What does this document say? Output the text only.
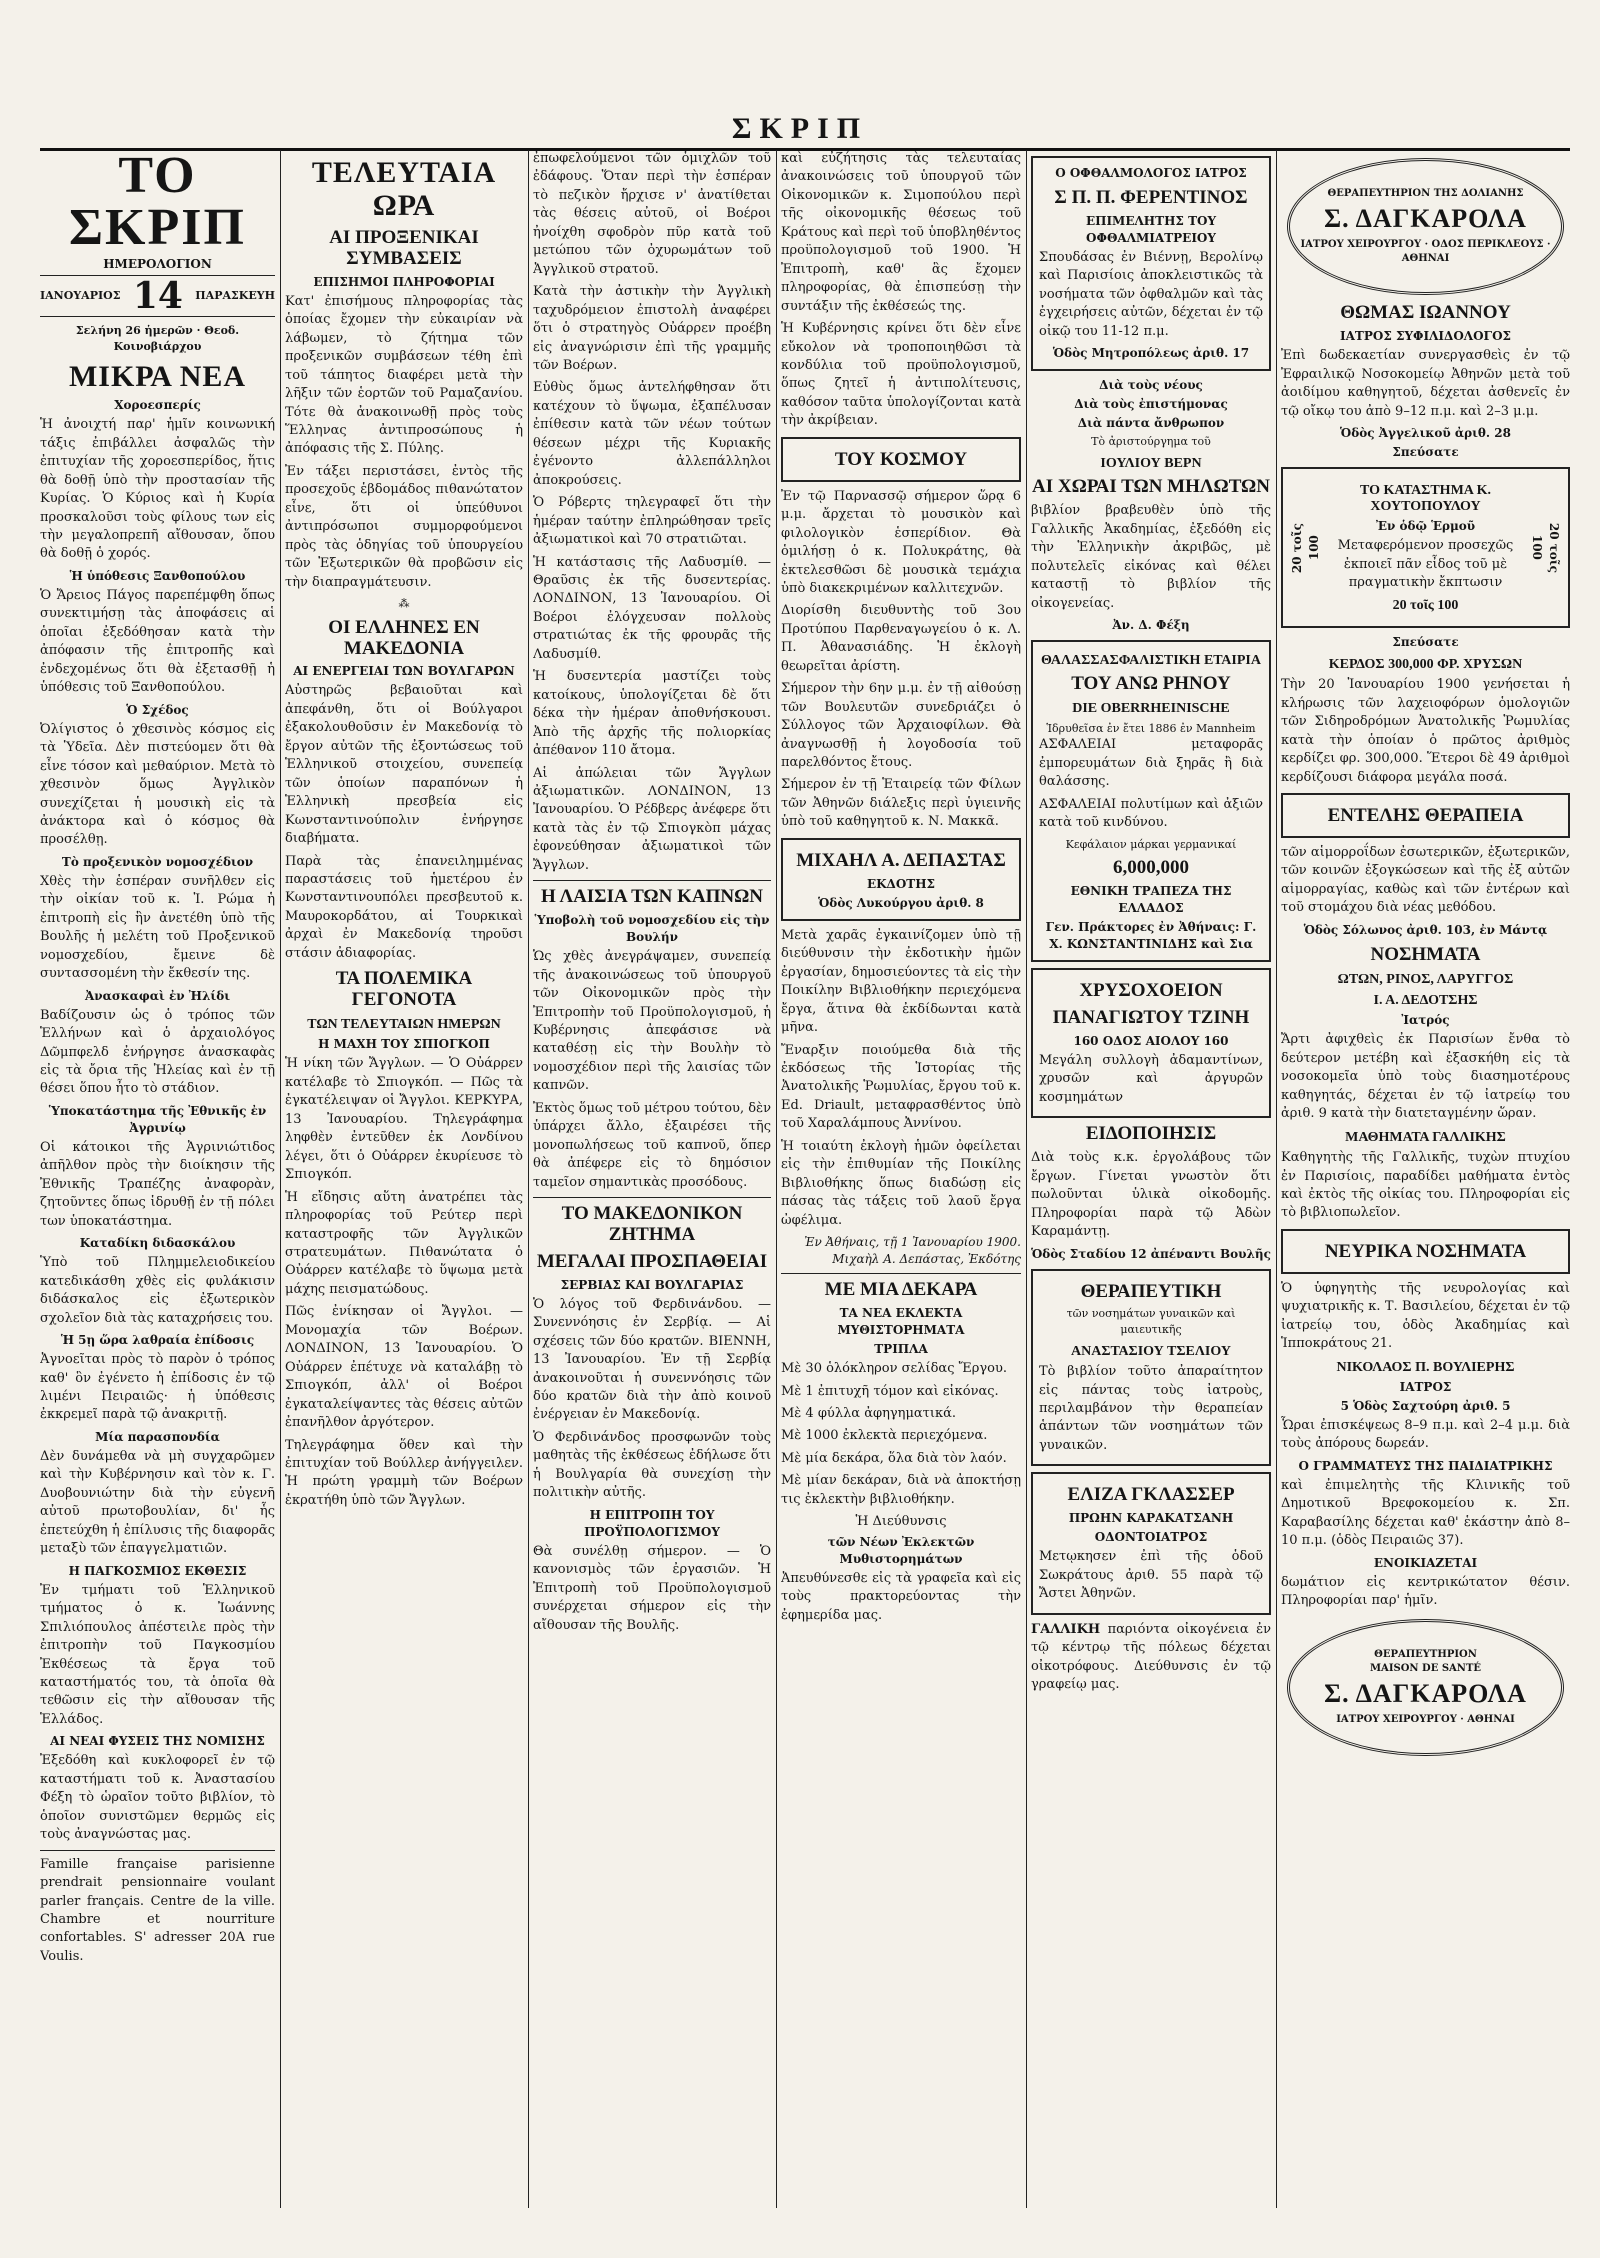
ΣΚΡΙΠ
ΤΟ ΣΚΡΙΠ
ΗΜΕΡΟΛΟΓΙΟΝ
ΙΑΝΟΥΑΡΙΟΣ 14 ΠΑΡΑΣΚΕΥΗ
Σελήνη 26 ἡμερῶν · Θεοδ. Κοινοβιάρχου
ΜΙΚΡΑ ΝΕΑ
Χοροεσπερίς

Ἡ ἀνοιχτή παρ' ἡμῖν κοινωνική τάξις ἐπιβάλλει ἀσφαλῶς τὴν ἐπιτυχίαν τῆς χοροεσπερίδος, ἥτις θὰ δοθῇ ὑπὸ τὴν προστασίαν τῆς Κυρίας. Ὁ Κύριος καὶ ἡ Κυρία προσκαλοῦσι τοὺς φίλους των εἰς τὴν μεγαλοπρεπῆ αἴθουσαν, ὅπου θὰ δοθῇ ὁ χορός.

Ἡ ὑπόθεσις Ξανθοπούλου

Ὁ Ἄρειος Πάγος παρεπέμφθη ὅπως συνεκτιμήσῃ τὰς ἀποφάσεις αἱ ὁποῖαι ἐξεδόθησαν κατὰ τὴν ἀπόφασιν τῆς ἐπιτροπῆς καὶ ἐνδεχομένως ὅτι θὰ ἐξετασθῇ ἡ ὑπόθεσις τοῦ Ξανθοπούλου.

Ὁ Σχέδος

Ὀλίγιστος ὁ χθεσινὸς κόσμος εἰς τὰ Ὑδεῖα. Δὲν πιστεύομεν ὅτι θὰ εἶνε τόσον καὶ μεθαύριον. Μετὰ τὸ χθεσινὸν ὅμως Ἀγγλικὸν συνεχίζεται ἡ μουσικὴ εἰς τὰ ἀνάκτορα καὶ ὁ κόσμος θὰ προσέλθῃ.

Τὸ προξενικὸν νομοσχέδιον

Χθὲς τὴν ἑσπέραν συνῆλθεν εἰς τὴν οἰκίαν τοῦ κ. Ἰ. Ρώμα ἡ ἐπιτροπὴ εἰς ἣν ἀνετέθη ὑπὸ τῆς Βουλῆς ἡ μελέτη τοῦ Προξενικοῦ νομοσχεδίου, ἔμεινε δὲ συντασσομένη τὴν ἔκθεσίν της.

Ἀνασκαφαὶ ἐν Ἠλίδι

Βαδίζουσιν ὡς ὁ τρόπος τῶν Ἑλλήνων καὶ ὁ ἀρχαιολόγος Δῶμπφελδ ἐνήργησε ἀνασκαφὰς εἰς τὰ ὄρια τῆς Ἠλείας καὶ ἐν τῇ θέσει ὅπου ἦτο τὸ στάδιον.

Ὑποκατάστημα τῆς Ἐθνικῆς ἐν Ἀγρινίῳ

Οἱ κάτοικοι τῆς Ἀγρινιώτιδος ἀπῆλθον πρὸς τὴν διοίκησιν τῆς Ἐθνικῆς Τραπέζης ἀναφορὰν, ζητοῦντες ὅπως ἱδρυθῇ ἐν τῇ πόλει των ὑποκατάστημα.

Καταδίκη διδασκάλου

Ὑπὸ τοῦ Πλημμελειοδικείου κατεδικάσθη χθὲς εἰς φυλάκισιν διδάσκαλος εἰς ἐξωτερικὸν σχολεῖον διὰ τὰς καταχρήσεις του.

Ἡ 5ῃ ὥρα λαθραία ἐπίδοσις

Ἀγνοεῖται πρὸς τὸ παρὸν ὁ τρόπος καθ' ὃν ἐγένετο ἡ ἐπίδοσις ἐν τῷ λιμένι Πειραιῶς· ἡ ὑπόθεσις ἐκκρεμεῖ παρὰ τῷ ἀνακριτῇ.

Μία παρασπονδία

Δὲν δυνάμεθα νὰ μὴ συγχαρῶμεν καὶ τὴν Κυβέρνησιν καὶ τὸν κ. Γ. Δυοβουνιώτην διὰ τὴν εὐγενῆ αὐτοῦ πρωτοβουλίαν, δι' ἧς ἐπετεύχθη ἡ ἐπίλυσις τῆς διαφορᾶς μεταξὺ τῶν ἐπαγγελματιῶν.

Η ΠΑΓΚΟΣΜΙΟΣ ΕΚΘΕΣΙΣ

Ἐν τμήματι τοῦ Ἑλληνικοῦ τμήματος ὁ κ. Ἰωάννης Σπιλιόπουλος ἀπέστειλε πρὸς τὴν ἐπιτροπὴν τοῦ Παγκοσμίου Ἐκθέσεως τὰ ἔργα τοῦ καταστήματός του, τὰ ὁποῖα θὰ τεθῶσιν εἰς τὴν αἴθουσαν τῆς Ἑλλάδος.

ΑΙ ΝΕΑΙ ΦΥΣΕΙΣ ΤΗΣ ΝΟΜΙΣΗΣ

Ἐξεδόθη καὶ κυκλοφορεῖ ἐν τῷ καταστήματι τοῦ κ. Ἀναστασίου Φέξη τὸ ὡραῖον τοῦτο βιβλίον, τὸ ὁποῖον συνιστῶμεν θερμῶς εἰς τοὺς ἀναγνώστας μας.

Famille française parisienne prendrait pensionnaire voulant parler français. Centre de la ville. Chambre et nourriture confortables. S' adresser 20A rue Voulis.

ΤΕΛΕΥΤΑΙΑ ΩΡΑ
ΑΙ ΠΡΟΞΕΝΙΚΑΙ ΣΥΜΒΑΣΕΙΣ
ΕΠΙΣΗΜΟΙ ΠΛΗΡΟΦΟΡΙΑΙ

Κατ' ἐπισήμους πληροφορίας τὰς ὁποίας ἔχομεν τὴν εὐκαιρίαν νὰ λάβωμεν, τὸ ζήτημα τῶν προξενικῶν συμβάσεων τέθη ἐπὶ τοῦ τάπητος διαφέρει μετὰ τὴν λῆξιν τῶν ἑορτῶν τοῦ Ραμαζανίου. Τότε θὰ ἀνακοινωθῇ πρὸς τοὺς Ἕλληνας ἀντιπροσώπους ἡ ἀπόφασις τῆς Σ. Πύλης.

Ἐν τάξει περιστάσει, ἐντὸς τῆς προσεχοῦς ἑβδομάδος πιθανώτατον εἶνε, ὅτι οἱ ὑπεύθυνοι ἀντιπρόσωποι συμμορφούμενοι πρὸς τὰς ὁδηγίας τοῦ ὑπουργείου τῶν Ἐξωτερικῶν θὰ προβῶσιν εἰς τὴν διαπραγμάτευσιν.

⁂
ΟΙ ΕΛΛΗΝΕΣ ΕΝ ΜΑΚΕΔΟΝΙΑ
ΑΙ ΕΝΕΡΓΕΙΑΙ ΤΩΝ ΒΟΥΛΓΑΡΩΝ

Αὐστηρῶς βεβαιοῦται καὶ ἀπεφάνθη, ὅτι οἱ Βούλγαροι ἐξακολουθοῦσιν ἐν Μακεδονίᾳ τὸ ἔργον αὐτῶν τῆς ἐξοντώσεως τοῦ Ἑλληνικοῦ στοιχείου, συνεπείᾳ τῶν ὁποίων παραπόνων ἡ Ἑλληνικὴ πρεσβεία εἰς Κωνσταντινούπολιν ἐνήργησε διαβήματα.

Παρὰ τὰς ἐπανειλημμένας παραστάσεις τοῦ ἡμετέρου ἐν Κωνσταντινουπόλει πρεσβευτοῦ κ. Μαυροκορδάτου, αἱ Τουρκικαὶ ἀρχαὶ ἐν Μακεδονίᾳ τηροῦσι στάσιν ἀδιαφορίας.

ΤΑ ΠΟΛΕΜΙΚΑ ΓΕΓΟΝΟΤΑ
ΤΩΝ ΤΕΛΕΥΤΑΙΩΝ ΗΜΕΡΩΝ
Η ΜΑΧΗ ΤΟΥ ΣΠΙΟΓΚΟΠ

Ἡ νίκη τῶν Ἄγγλων. — Ὁ Οὐάρρεν κατέλαβε τὸ Σπιογκόπ. — Πῶς τὰ ἐγκατέλειψαν οἱ Ἄγγλοι. ΚΕΡΚΥΡΑ, 13 Ἰανουαρίου. Τηλεγράφημα ληφθὲν ἐντεῦθεν ἐκ Λονδίνου λέγει, ὅτι ὁ Οὐάρρεν ἐκυρίευσε τὸ Σπιογκόπ.

Ἡ εἴδησις αὕτη ἀνατρέπει τὰς πληροφορίας τοῦ Ρεύτερ περὶ καταστροφῆς τῶν Ἀγγλικῶν στρατευμάτων. Πιθανώτατα ὁ Οὐάρρεν κατέλαβε τὸ ὕψωμα μετὰ μάχης πεισματώδους.

Πῶς ἐνίκησαν οἱ Ἄγγλοι. — Μονομαχία τῶν Βοέρων. ΛΟΝΔΙΝΟΝ, 13 Ἰανουαρίου. Ὁ Οὐάρρεν ἐπέτυχε νὰ καταλάβῃ τὸ Σπιογκόπ, ἀλλ' οἱ Βοέροι ἐγκαταλείψαντες τὰς θέσεις αὐτῶν ἐπανῆλθον ἀργότερον.

Τηλεγράφημα ὅθεν καὶ τὴν ἐπιτυχίαν τοῦ Βούλλερ ἀνήγγειλεν. Ἡ πρώτη γραμμὴ τῶν Βοέρων ἐκρατήθη ὑπὸ τῶν Ἄγγλων.

ἐπωφελούμενοι τῶν ὁμιχλῶν τοῦ ἐδάφους. Ὅταν περὶ τὴν ἑσπέραν τὸ πεζικὸν ἤρχισε ν' ἀνατίθεται τὰς θέσεις αὐτοῦ, οἱ Βοέροι ἠνοίχθη σφοδρὸν πῦρ κατὰ τοῦ μετώπου τῶν ὀχυρωμάτων τοῦ Ἀγγλικοῦ στρατοῦ.

Κατὰ τὴν ἀστικὴν τὴν Ἀγγλικὴ ταχυδρόμειον ἐπιστολὴ ἀναφέρει ὅτι ὁ στρατηγὸς Οὐάρρεν προέβη εἰς ἀναγνώρισιν ἐπὶ τῆς γραμμῆς τῶν Βοέρων.

Εὐθὺς ὅμως ἀντελήφθησαν ὅτι κατέχουν τὸ ὕψωμα, ἐξαπέλυσαν ἐπίθεσιν κατὰ τῶν νέων τούτων θέσεων μέχρι τῆς Κυριακῆς ἐγένοντο ἀλλεπάλληλοι ἀποκρούσεις.

Ὁ Ρόβερτς τηλεγραφεῖ ὅτι τὴν ἡμέραν ταύτην ἐπληρώθησαν τρεῖς ἀξιωματικοὶ καὶ 70 στρατιῶται.

Ἡ κατάστασις τῆς Λαδυσμίθ. — Θραῦσις ἐκ τῆς δυσεντερίας. ΛΟΝΔΙΝΟΝ, 13 Ἰανουαρίου. Οἱ Βοέροι ἐλόγχευσαν πολλοὺς στρατιώτας ἐκ τῆς φρουρᾶς τῆς Λαδυσμίθ.

Ἡ δυσεντερία μαστίζει τοὺς κατοίκους, ὑπολογίζεται δὲ ὅτι δέκα τὴν ἡμέραν ἀποθνήσκουσι. Ἀπὸ τῆς ἀρχῆς τῆς πολιορκίας ἀπέθανον 110 ἄτομα.

Αἱ ἀπώλειαι τῶν Ἄγγλων ἀξιωματικῶν. ΛΟΝΔΙΝΟΝ, 13 Ἰανουαρίου. Ὁ Ρέδβερς ἀνέφερε ὅτι κατὰ τὰς ἐν τῷ Σπιογκὸπ μάχας ἐφονεύθησαν ἀξιωματικοὶ τῶν Ἄγγλων.

Η ΛΑΙΣΙΑ ΤΩΝ ΚΑΠΝΩΝ
Ὑποβολὴ τοῦ νομοσχεδίου εἰς τὴν Βουλήν

Ὡς χθὲς ἀνεγράψαμεν, συνεπείᾳ τῆς ἀνακοινώσεως τοῦ ὑπουργοῦ τῶν Οἰκονομικῶν πρὸς τὴν Ἐπιτροπὴν τοῦ Προϋπολογισμοῦ, ἡ Κυβέρνησις ἀπεφάσισε νὰ καταθέσῃ εἰς τὴν Βουλὴν τὸ νομοσχέδιον περὶ τῆς λαισίας τῶν καπνῶν.

Ἐκτὸς ὅμως τοῦ μέτρου τούτου, δὲν ὑπάρχει ἄλλο, ἐξαιρέσει τῆς μονοπωλήσεως τοῦ καπνοῦ, ὅπερ θὰ ἀπέφερε εἰς τὸ δημόσιον ταμεῖον σημαντικὰς προσόδους.

ΤΟ ΜΑΚΕΔΟΝΙΚΟΝ ΖΗΤΗΜΑ
ΜΕΓΑΛΑΙ ΠΡΟΣΠΑΘΕΙΑΙ
ΣΕΡΒΙΑΣ ΚΑΙ ΒΟΥΛΓΑΡΙΑΣ

Ὁ λόγος τοῦ Φερδινάνδου. — Συνεννόησις ἐν Σερβίᾳ. — Αἱ σχέσεις τῶν δύο κρατῶν. ΒΙΕΝΝΗ, 13 Ἰανουαρίου. Ἐν τῇ Σερβίᾳ ἀνακοινοῦται ἡ συνεννόησις τῶν δύο κρατῶν διὰ τὴν ἀπὸ κοινοῦ ἐνέργειαν ἐν Μακεδονίᾳ.

Ὁ Φερδινάνδος προσφωνῶν τοὺς μαθητὰς τῆς ἐκθέσεως ἐδήλωσε ὅτι ἡ Βουλγαρία θὰ συνεχίσῃ τὴν πολιτικὴν αὐτῆς.

Η ΕΠΙΤΡΟΠΗ ΤΟΥ ΠΡΟΫΠΟΛΟΓΙΣΜΟΥ

Θὰ συνέλθῃ σήμερον. — Ὁ κανονισμὸς τῶν ἐργασιῶν. Ἡ Ἐπιτροπὴ τοῦ Προϋπολογισμοῦ συνέρχεται σήμερον εἰς τὴν αἴθουσαν τῆς Βουλῆς.

καὶ εὐζήτησις τὰς τελευταίας ἀνακοινώσεις τοῦ ὑπουργοῦ τῶν Οἰκονομικῶν κ. Σιμοπούλου περὶ τῆς οἰκονομικῆς θέσεως τοῦ Κράτους καὶ περὶ τοῦ ὑποβληθέντος προϋπολογισμοῦ τοῦ 1900. Ἡ Ἐπιτροπὴ, καθ' ἃς ἔχομεν πληροφορίας, θὰ ἐπισπεύσῃ τὴν συντάξιν τῆς ἐκθέσεώς της.

Ἡ Κυβέρνησις κρίνει ὅτι δὲν εἶνε εὔκολον νὰ τροποποιηθῶσι τὰ κονδύλια τοῦ προϋπολογισμοῦ, ὅπως ζητεῖ ἡ ἀντιπολίτευσις, καθόσον ταῦτα ὑπολογίζονται κατὰ τὴν ἀκρίβειαν.

ΤΟΥ ΚΟΣΜΟΥ

Ἐν τῷ Παρνασσῷ σήμερον ὥρᾳ 6 μ.μ. ἄρχεται τὸ μουσικὸν καὶ φιλολογικὸν ἑσπερίδιον. Θὰ ὁμιλήσῃ ὁ κ. Πολυκράτης, θὰ ἐκτελεσθῶσι δὲ μουσικὰ τεμάχια ὑπὸ διακεκριμένων καλλιτεχνῶν.

Διορίσθη διευθυντὴς τοῦ 3ου Προτύπου Παρθεναγωγείου ὁ κ. Λ. Π. Ἀθανασιάδης. Ἡ ἐκλογὴ θεωρεῖται ἀρίστη.

Σήμερον τὴν 6ην μ.μ. ἐν τῇ αἰθούσῃ τῶν Βουλευτῶν συνεδριάζει ὁ Σύλλογος τῶν Ἀρχαιοφίλων. Θὰ ἀναγνωσθῇ ἡ λογοδοσία τοῦ παρελθόντος ἔτους.

Σήμερον ἐν τῇ Ἑταιρείᾳ τῶν Φίλων τῶν Ἀθηνῶν διάλεξις περὶ ὑγιεινῆς ὑπὸ τοῦ καθηγητοῦ κ. Ν. Μακκᾶ.

ΜΙΧΑΗΛ Α. ΔΕΠΑΣΤΑΣ
ΕΚΔΟΤΗΣ
Ὁδὸς Λυκούργου ἀριθ. 8

Μετὰ χαρᾶς ἐγκαινίζομεν ὑπὸ τῇ διεύθυνσιν τὴν ἐκδοτικὴν ἡμῶν ἐργασίαν, δημοσιεύοντες τὰ εἰς τὴν Ποικίλην Βιβλιοθήκην περιεχόμενα ἔργα, ἅτινα θὰ ἐκδίδωνται κατὰ μῆνα.

Ἔναρξιν ποιούμεθα διὰ τῆς ἐκδόσεως τῆς Ἱστορίας τῆς Ἀνατολικῆς Ῥωμυλίας, ἔργου τοῦ κ. Ed. Driault, μεταφρασθέντος ὑπὸ τοῦ Χαραλάμπους Ἀννίνου.

Ἡ τοιαύτη ἐκλογὴ ἡμῶν ὀφείλεται εἰς τὴν ἐπιθυμίαν τῆς Ποικίλης Βιβλιοθήκης ὅπως διαδώσῃ εἰς πάσας τὰς τάξεις τοῦ λαοῦ ἔργα ὠφέλιμα.

Ἐν Ἀθήναις, τῇ 1 Ἰανουαρίου 1900.
Μιχαὴλ Α. Δεπάστας, Ἐκδότης
ΜΕ ΜΙΑ ΔΕΚΑΡΑ
ΤΑ ΝΕΑ ΕΚΛΕΚΤΑ ΜΥΘΙΣΤΟΡΗΜΑΤΑ
ΤΡΙΠΛΑ
Μὲ 30 ὁλόκληρον σελίδας Ἔργου.
Μὲ 1 ἐπιτυχῆ τόμον καὶ εἰκόνας.
Μὲ 4 φύλλα ἀφηγηματικά.
Μὲ 1000 ἐκλεκτὰ περιεχόμενα.
Μὲ μία δεκάρα, ὅλα διὰ τὸν λαόν.

Μὲ μίαν δεκάραν, διὰ νὰ ἀποκτήσῃ τις ἐκλεκτὴν βιβλιοθήκην.

Ἡ Διεύθυνσις
τῶν Νέων Ἐκλεκτῶν Μυθιστορημάτων

Ἀπευθύνεσθε εἰς τὰ γραφεῖα καὶ εἰς τοὺς πρακτορεύοντας τὴν ἐφημερίδα μας.

Ο ΟΦΘΑΛΜΟΛΟΓΟΣ ΙΑΤΡΟΣ
Σ Π. Π. ΦΕΡΕΝΤΙΝΟΣ
ΕΠΙΜΕΛΗΤΗΣ ΤΟΥ ΟΦΘΑΛΜΙΑΤΡΕΙΟΥ

Σπουδάσας ἐν Βιέννῃ, Βερολίνῳ καὶ Παρισίοις ἀποκλειστικῶς τὰ νοσήματα τῶν ὀφθαλμῶν καὶ τὰς ἐγχειρήσεις αὐτῶν, δέχεται ἐν τῷ οἰκῷ του 11-12 π.μ.

Ὁδὸς Μητροπόλεως ἀριθ. 17
Διὰ τοὺς νέους
Διὰ τοὺς ἐπιστήμονας
Διὰ πάντα ἄνθρωπον
Τὸ ἀριστούργημα τοῦ
ΙΟΥΛΙΟΥ ΒΕΡΝ
ΑΙ ΧΩΡΑΙ ΤΩΝ ΜΗΛΩΤΩΝ

βιβλίον βραβευθὲν ὑπὸ τῆς Γαλλικῆς Ἀκαδημίας, ἐξεδόθη εἰς τὴν Ἑλληνικὴν ἀκριβῶς, μὲ πολυτελεῖς εἰκόνας καὶ θέλει καταστῇ τὸ βιβλίον τῆς οἰκογενείας.

Ἀν. Δ. Φέξη
ΘΑΛΑΣΣΑΣΦΑΛΙΣΤΙΚΗ ΕΤΑΙΡΙΑ
ΤΟΥ ΑΝΩ ΡΗΝΟΥ
DIE OBERRHEINISCHE
Ἱδρυθεῖσα ἐν ἔτει 1886 ἐν Mannheim

ΑΣΦΑΛΕΙΑΙ μεταφορᾶς ἐμπορευμάτων διὰ ξηρᾶς ἢ διὰ θαλάσσης.

ΑΣΦΑΛΕΙΑΙ πολυτίμων καὶ ἀξιῶν κατὰ τοῦ κινδύνου.

Κεφάλαιον μάρκαι γερμανικαί
6,000,000
ΕΘΝΙΚΗ ΤΡΑΠΕΖΑ ΤΗΣ ΕΛΛΑΔΟΣ
Γεν. Πράκτορες ἐν Ἀθήναις: Γ. Χ. ΚΩΝΣΤΑΝΤΙΝΙΔΗΣ καὶ Σια
ΧΡΥΣΟΧΟΕΙΟΝ
ΠΑΝΑΓΙΩΤΟΥ ΤΖΙΝΗ
160 ΟΔΟΣ ΑΙΟΛΟΥ 160

Μεγάλη συλλογὴ ἀδαμαντίνων, χρυσῶν καὶ ἀργυρῶν κοσμημάτων

ΕΙΔΟΠΟΙΗΣΙΣ

Διὰ τοὺς κ.κ. ἐργολάβους τῶν ἔργων. Γίνεται γνωστὸν ὅτι πωλοῦνται ὑλικὰ οἰκοδομῆς. Πληροφορίαι παρὰ τῷ Ἀδὼν Καραμάντῃ.

Ὁδὸς Σταδίου 12 ἀπέναντι Βουλῆς
ΘΕΡΑΠΕΥΤΙΚΗ
τῶν νοσημάτων γυναικῶν καὶ μαιευτικῆς
ΑΝΑΣΤΑΣΙΟΥ ΤΣΕΛΙΟΥ

Τὸ βιβλίον τοῦτο ἀπαραίτητον εἰς πάντας τοὺς ἰατροὺς, περιλαμβάνον τὴν θεραπείαν ἁπάντων τῶν νοσημάτων τῶν γυναικῶν.

ΕΛΙΖΑ ΓΚΛΑΣΣΕΡ
ΠΡΩΗΝ ΚΑΡΑΚΑΤΣΑΝΗ
ΟΔΟΝΤΟΙΑΤΡΟΣ

Μετῳκησεν ἐπὶ τῆς ὁδοῦ Σωκράτους ἀριθ. 55 παρὰ τῷ Ἄστει Ἀθηνῶν.

ΓΑΛΛΙΚΗ παριόντα οἰκογένεια ἐν τῷ κέντρῳ τῆς πόλεως δέχεται οἰκοτρόφους. Διεύθυνσις ἐν τῷ γραφείῳ μας.

ΘΕΡΑΠΕΥΤΗΡΙΟΝ ΤΗΣ ΔΟΛΙΑΝΗΣ
Σ. ΔΑΓΚΑΡΟΛΑ
ΙΑΤΡΟΥ ΧΕΙΡΟΥΡΓΟΥ · ΟΔΟΣ ΠΕΡΙΚΛΕΟΥΣ · ΑΘΗΝΑΙ
ΘΩΜΑΣ ΙΩΑΝΝΟΥ
ΙΑΤΡΟΣ ΣΥΦΙΛΙΔΟΛΟΓΟΣ

Ἐπὶ δωδεκαετίαν συνεργασθεὶς ἐν τῷ Ἐφραιλικῷ Νοσοκομείῳ Ἀθηνῶν μετὰ τοῦ ἀοιδίμου καθηγητοῦ, δέχεται ἀσθενεῖς ἐν τῷ οἴκῳ του ἀπὸ 9–12 π.μ. καὶ 2–3 μ.μ.

Ὁδὸς Ἀγγελικοῦ ἀριθ. 28
Σπεύσατε
20 τοῖς 100	20 τοῖς 100
ΤΟ ΚΑΤΑΣΤΗΜΑ Κ. ΧΟΥΤΟΠΟΥΛΟΥ
Ἐν ὁδῷ Ἑρμοῦ

Μεταφερόμενον προσεχῶς ἐκποιεῖ πᾶν εἶδος τοῦ μὲ πραγματικὴν ἔκπτωσιν

20 τοῖς 100
Σπεύσατε
ΚΕΡΔΟΣ 300,000 ΦΡ. ΧΡΥΣΩΝ

Τὴν 20 Ἰανουαρίου 1900 γενήσεται ἡ κλήρωσις τῶν λαχειοφόρων ὁμολογιῶν τῶν Σιδηροδρόμων Ἀνατολικῆς Ῥωμυλίας κατὰ τὴν ὁποίαν ὁ πρῶτος ἀριθμὸς κερδίζει φρ. 300,000. Ἕτεροι δὲ 49 ἀριθμοὶ κερδίζουσι διάφορα μεγάλα ποσά.

ΕΝΤΕΛΗΣ ΘΕΡΑΠΕΙΑ

τῶν αἱμορροΐδων ἐσωτερικῶν, ἐξωτερικῶν, τῶν κοινῶν ἐξογκώσεων καὶ τῆς ἐξ αὐτῶν αἱμορραγίας, καθὼς καὶ τῶν ἐντέρων καὶ τοῦ στομάχου διὰ νέας μεθόδου.

Ὁδὸς Σόλωνος ἀριθ. 103, ἐν Μάντᾳ
ΝΟΣΗΜΑΤΑ
ΩΤΩΝ, ΡΙΝΟΣ, ΛΑΡΥΓΓΟΣ
Ι. Α. ΔΕΔΟΤΣΗΣ
Ἰατρός

Ἄρτι ἀφιχθεὶς ἐκ Παρισίων ἔνθα τὸ δεύτερον μετέβη καὶ ἐξασκήθη εἰς τὰ νοσοκομεῖα ὑπὸ τοὺς διασημοτέρους καθηγητάς, δέχεται ἐν τῷ ἰατρείῳ του ἀριθ. 9 κατὰ τὴν διατεταγμένην ὥραν.

ΜΑΘΗΜΑΤΑ ΓΑΛΛΙΚΗΣ

Καθηγητὴς τῆς Γαλλικῆς, τυχὼν πτυχίου ἐν Παρισίοις, παραδίδει μαθήματα ἐντὸς καὶ ἐκτὸς τῆς οἰκίας του. Πληροφορίαι εἰς τὸ βιβλιοπωλεῖον.

ΝΕΥΡΙΚΑ ΝΟΣΗΜΑΤΑ

Ὁ ὑφηγητὴς τῆς νευρολογίας καὶ ψυχιατρικῆς κ. Τ. Βασιλείου, δέχεται ἐν τῷ ἰατρείῳ του, ὁδὸς Ἀκαδημίας καὶ Ἱπποκράτους 21.

ΝΙΚΟΛΑΟΣ Π. ΒΟΥΛΙΕΡΗΣ
ΙΑΤΡΟΣ
5 Ὁδὸς Σαχτούρη ἀριθ. 5

Ὧραι ἐπισκέψεως 8–9 π.μ. καὶ 2–4 μ.μ. διὰ τοὺς ἀπόρους δωρεάν.

Ο ΓΡΑΜΜΑΤΕΥΣ ΤΗΣ ΠΑΙΔΙΑΤΡΙΚΗΣ

καὶ ἐπιμελητὴς τῆς Κλινικῆς τοῦ Δημοτικοῦ Βρεφοκομείου κ. Σπ. Καραβασίλης δέχεται καθ' ἑκάστην ἀπὸ 8–10 π.μ. (ὁδὸς Πειραιῶς 37).

ΕΝΟΙΚΙΑΖΕΤΑΙ

δωμάτιον εἰς κεντρικώτατον θέσιν. Πληροφορίαι παρ' ἡμῖν.

ΘΕΡΑΠΕΥΤΗΡΙΟΝ
MAISON DE SANTÉ
Σ. ΔΑΓΚΑΡΟΛΑ
ΙΑΤΡΟΥ ΧΕΙΡΟΥΡΓΟΥ · ΑΘΗΝΑΙ
